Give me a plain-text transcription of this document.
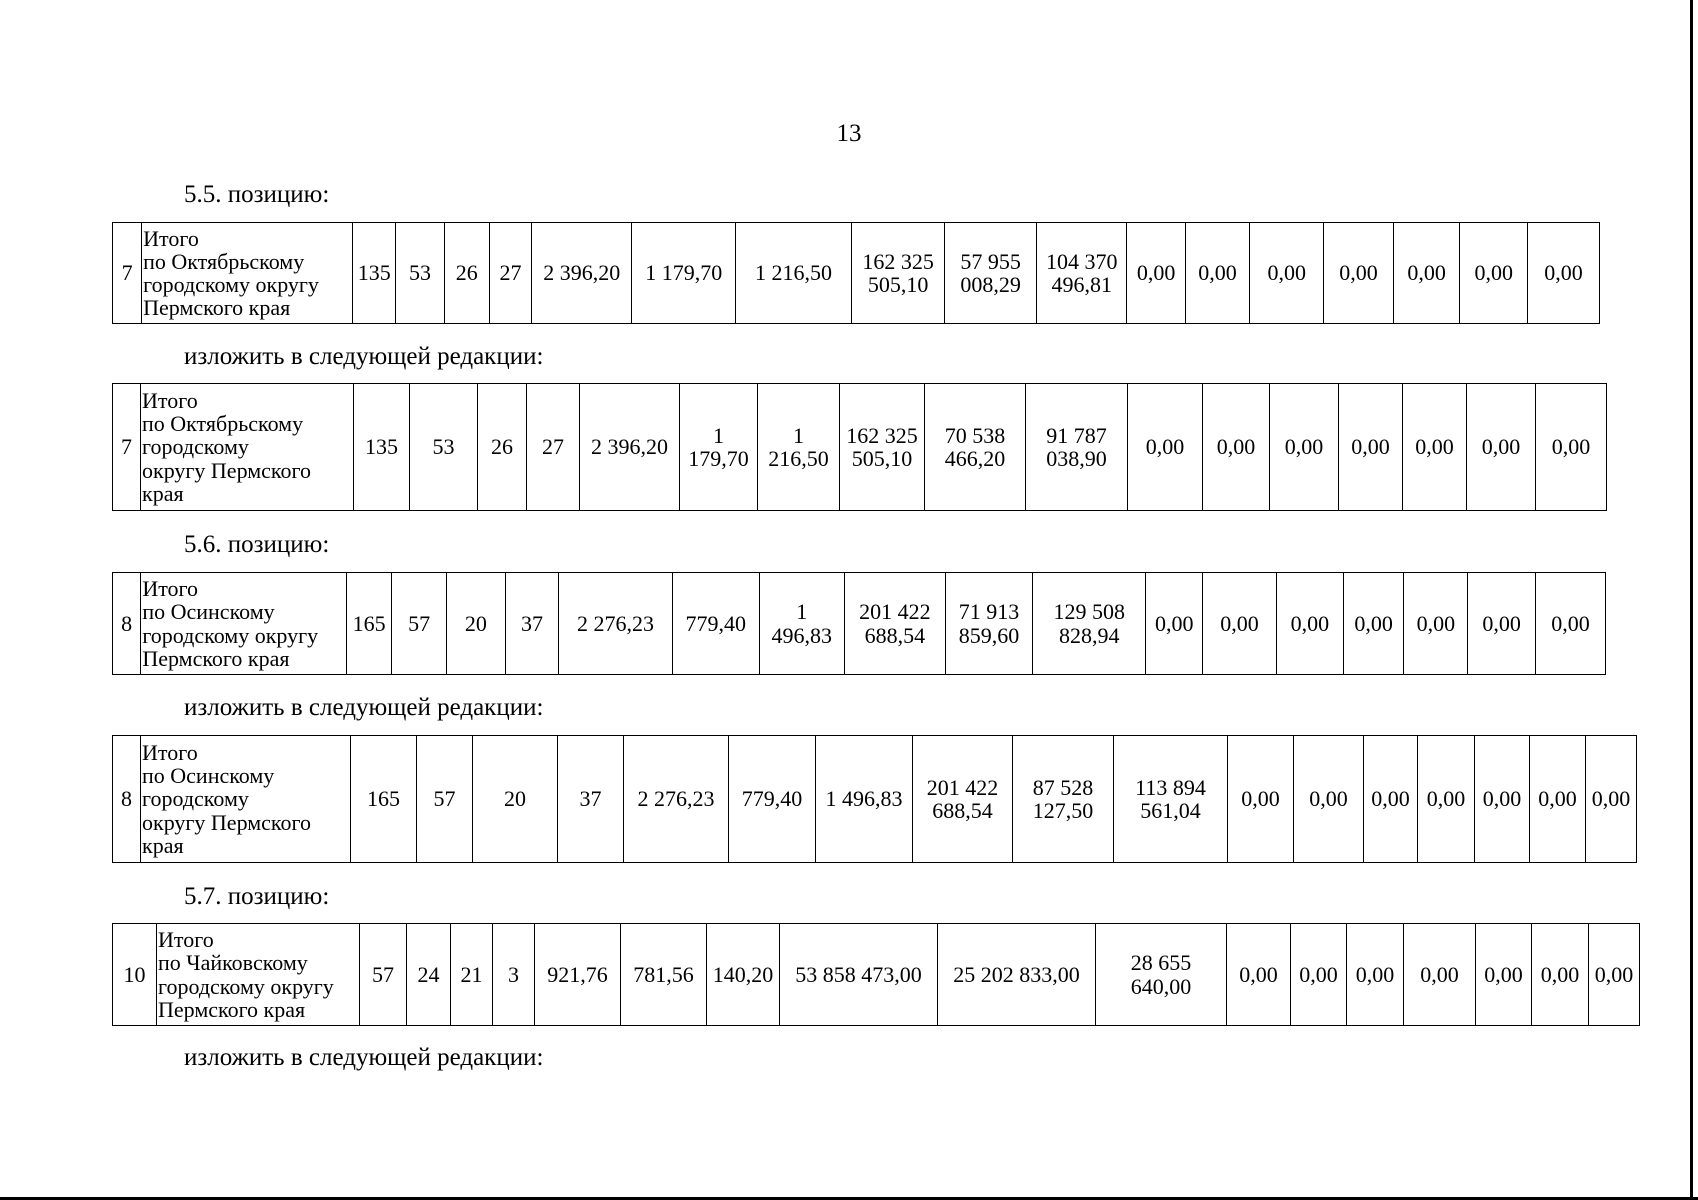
13
5.5. позицию:
изложить в следующей редакции:
5.6. позицию:
изложить в следующей редакции:
5.7. позицию:
изложить в следующей редакции:
7	Итого
по Октябрьскому
городскому округу
Пермского края	135	53	26	27	2 396,20	1 179,70	1 216,50	162 325
505,10	57 955
008,29	104 370
496,81	0,00	0,00	0,00	0,00	0,00	0,00	0,00
7	Итого
по Октябрьскому
городскому
округу Пермского
края	135	53	26	27	2 396,20	1
179,70	1
216,50	162 325
505,10	70 538
466,20	91 787
038,90	0,00	0,00	0,00	0,00	0,00	0,00	0,00
8	Итого
по Осинскому
городскому округу
Пермского края	165	57	20	37	2 276,23	779,40	1
496,83	201 422
688,54	71 913
859,60	129 508
828,94	0,00	0,00	0,00	0,00	0,00	0,00	0,00
8	Итого
по Осинскому
городскому
округу Пермского
края	165	57	20	37	2 276,23	779,40	1 496,83	201 422
688,54	87 528
127,50	113 894
561,04	0,00	0,00	0,00	0,00	0,00	0,00	0,00
10	Итого
по Чайковскому
городскому округу
Пермского края	57	24	21	3	921,76	781,56	140,20	53 858 473,00	25 202 833,00	28 655
640,00	0,00	0,00	0,00	0,00	0,00	0,00	0,00
